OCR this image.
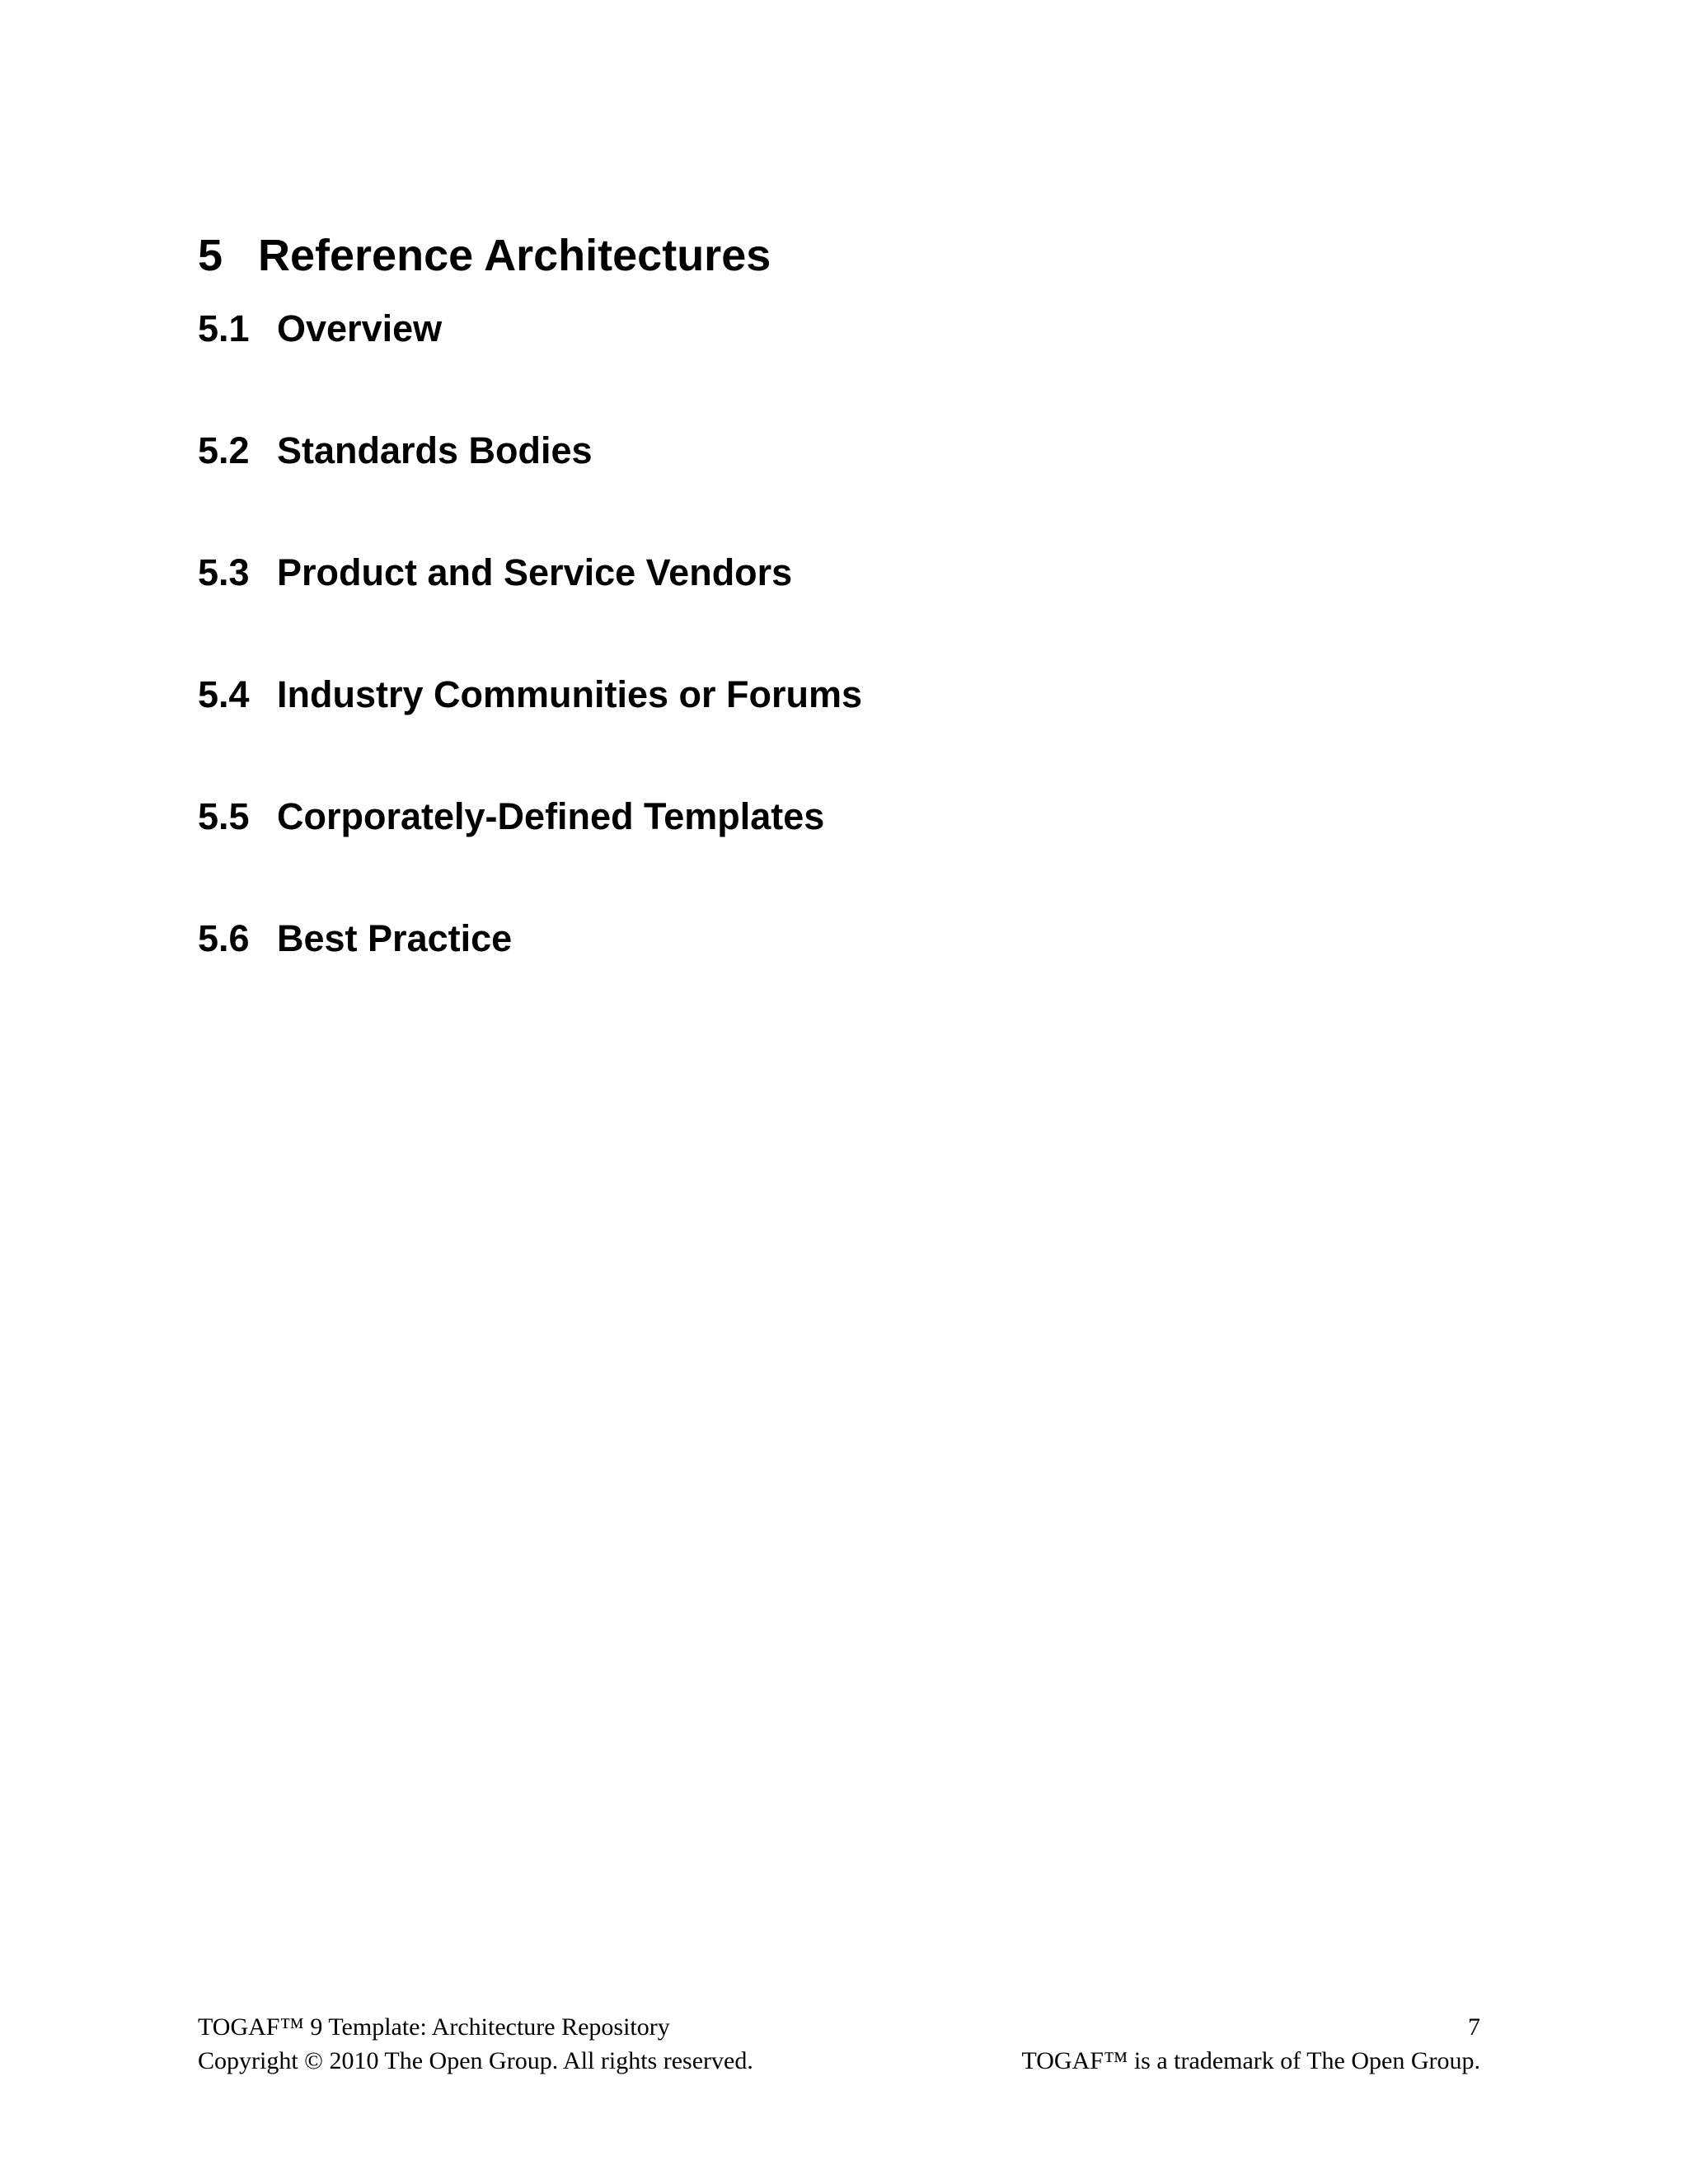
5 Reference Architectures
5.1 Overview
5.2 Standards Bodies
5.3 Product and Service Vendors
5.4 Industry Communities or Forums
5.5 Corporately-Defined Templates
5.6 Best Practice
TOGAF™ 9 Template: Architecture Repository	7
Copyright © 2010 The Open Group. All rights reserved.	TOGAF™ is a trademark of The Open Group.
